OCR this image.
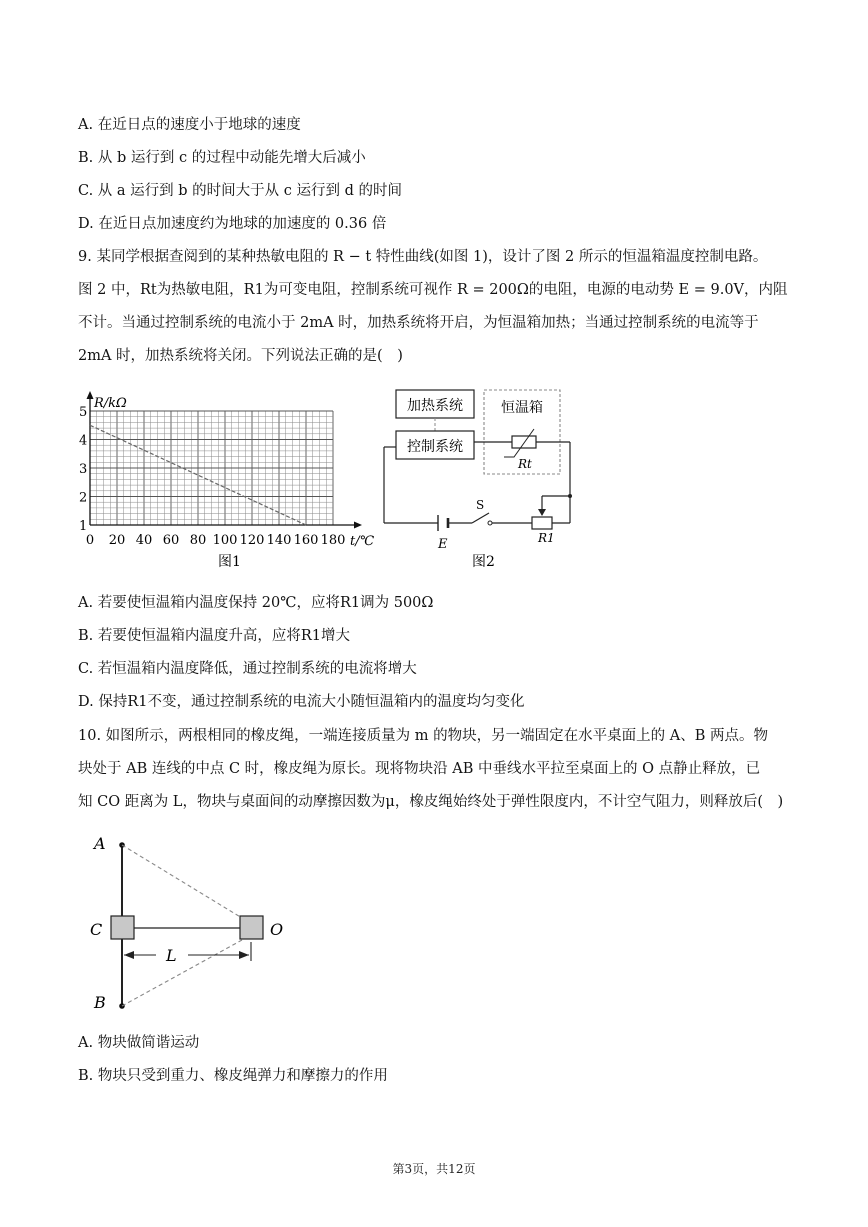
A. 在近日点的速度小于地球的速度
B. 从 b 运行到 c 的过程中动能先增大后减小
C. 从 a 运行到 b 的时间大于从 c 运行到 d 的时间
D. 在近日点加速度约为地球的加速度的 0.36 倍
9. 某同学根据查阅到的某种热敏电阻的 R − t 特性曲线(如图 1)，设计了图 2 所示的恒温箱温度控制电路。
图 2 中，Rt为热敏电阻，R1为可变电阻，控制系统可视作 R = 200Ω的电阻，电源的电动势 E = 9.0V，内阻
不计。当通过控制系统的电流小于 2mA 时，加热系统将开启，为恒温箱加热；当通过控制系统的电流等于
2mA 时，加热系统将关闭。下列说法正确的是(　)
1
2
3
4
5
0 20 40 60 80 100 120 140 160 180
R/kΩ
t/℃
图1
加热系统
控制系统
恒温箱
Rt
E
S
R1
图2
A. 若要使恒温箱内温度保持 20℃，应将R1调为 500Ω
B. 若要使恒温箱内温度升高，应将R1增大
C. 若恒温箱内温度降低，通过控制系统的电流将增大
D. 保持R1不变，通过控制系统的电流大小随恒温箱内的温度均匀变化
10. 如图所示，两根相同的橡皮绳，一端连接质量为 m 的物块，另一端固定在水平桌面上的 A、B 两点。物
块处于 AB 连线的中点 C 时，橡皮绳为原长。现将物块沿 AB 中垂线水平拉至桌面上的 O 点静止释放，已
知 CO 距离为 L，物块与桌面间的动摩擦因数为μ，橡皮绳始终处于弹性限度内，不计空气阻力，则释放后(　)
A
C	O
B
L
A. 物块做简谐运动
B. 物块只受到重力、橡皮绳弹力和摩擦力的作用
第3页，共12页
